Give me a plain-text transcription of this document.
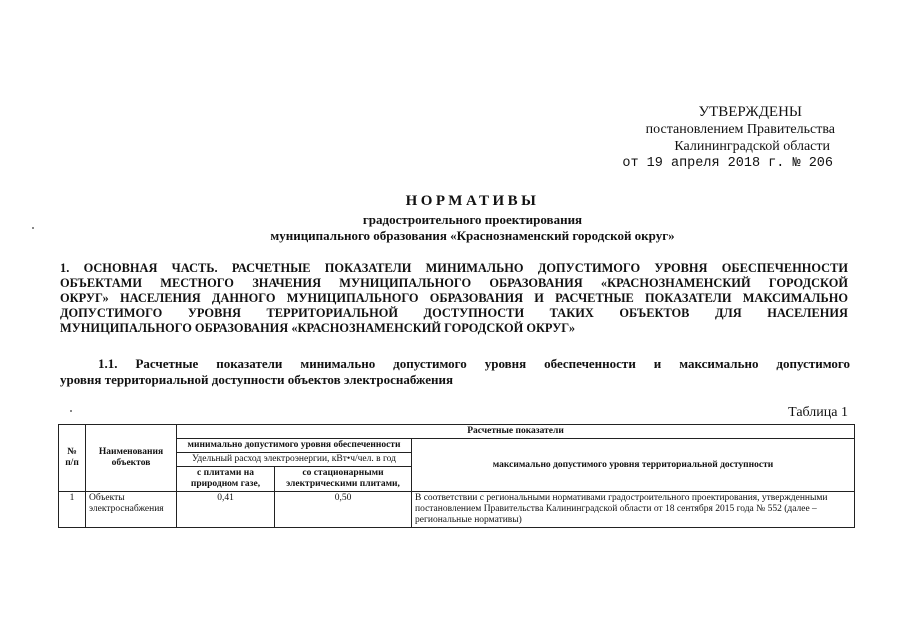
УТВЕРЖДЕНЫ
постановлением Правительства
Калининградской области
от 19 апреля 2018 г. № 206
НОРМАТИВЫ
градостроительного проектирования
муниципального образования «Краснознаменский городской округ»
1. ОСНОВНАЯ ЧАСТЬ. РАСЧЕТНЫЕ ПОКАЗАТЕЛИ МИНИМАЛЬНО ДОПУСТИМОГО УРОВНЯ ОБЕСПЕЧЕННОСТИ
ОБЪЕКТАМИ МЕСТНОГО ЗНАЧЕНИЯ МУНИЦИПАЛЬНОГО ОБРАЗОВАНИЯ «КРАСНОЗНАМЕНСКИЙ ГОРОДСКОЙ
ОКРУГ» НАСЕЛЕНИЯ ДАННОГО МУНИЦИПАЛЬНОГО ОБРАЗОВАНИЯ И РАСЧЕТНЫЕ ПОКАЗАТЕЛИ МАКСИМАЛЬНО
ДОПУСТИМОГО УРОВНЯ ТЕРРИТОРИАЛЬНОЙ ДОСТУПНОСТИ ТАКИХ ОБЪЕКТОВ ДЛЯ НАСЕЛЕНИЯ
МУНИЦИПАЛЬНОГО ОБРАЗОВАНИЯ «КРАСНОЗНАМЕНСКИЙ ГОРОДСКОЙ ОКРУГ»
1.1. Расчетные показатели минимально допустимого уровня обеспеченности и максимально допустимого
уровня территориальной доступности объектов электроснабжения
Таблица 1
№ п/п	Наименования объектов	Расчетные показатели		
		минимально допустимого уровня обеспеченности		максимально допустимого уровня территориальной доступности
		Удельный расход электроэнергии, кВт•ч/чел. в год		
		с плитами на природном газе,	со стационарными электрическими плитами,	
1	Объекты электроснабжения	0,41	0,50	В соответствии с региональными нормативами градостроительного проектирования, утвержденными постановлением Правительства Калининградской области от 18 сентября 2015 года № 552 (далее – региональные нормативы)
